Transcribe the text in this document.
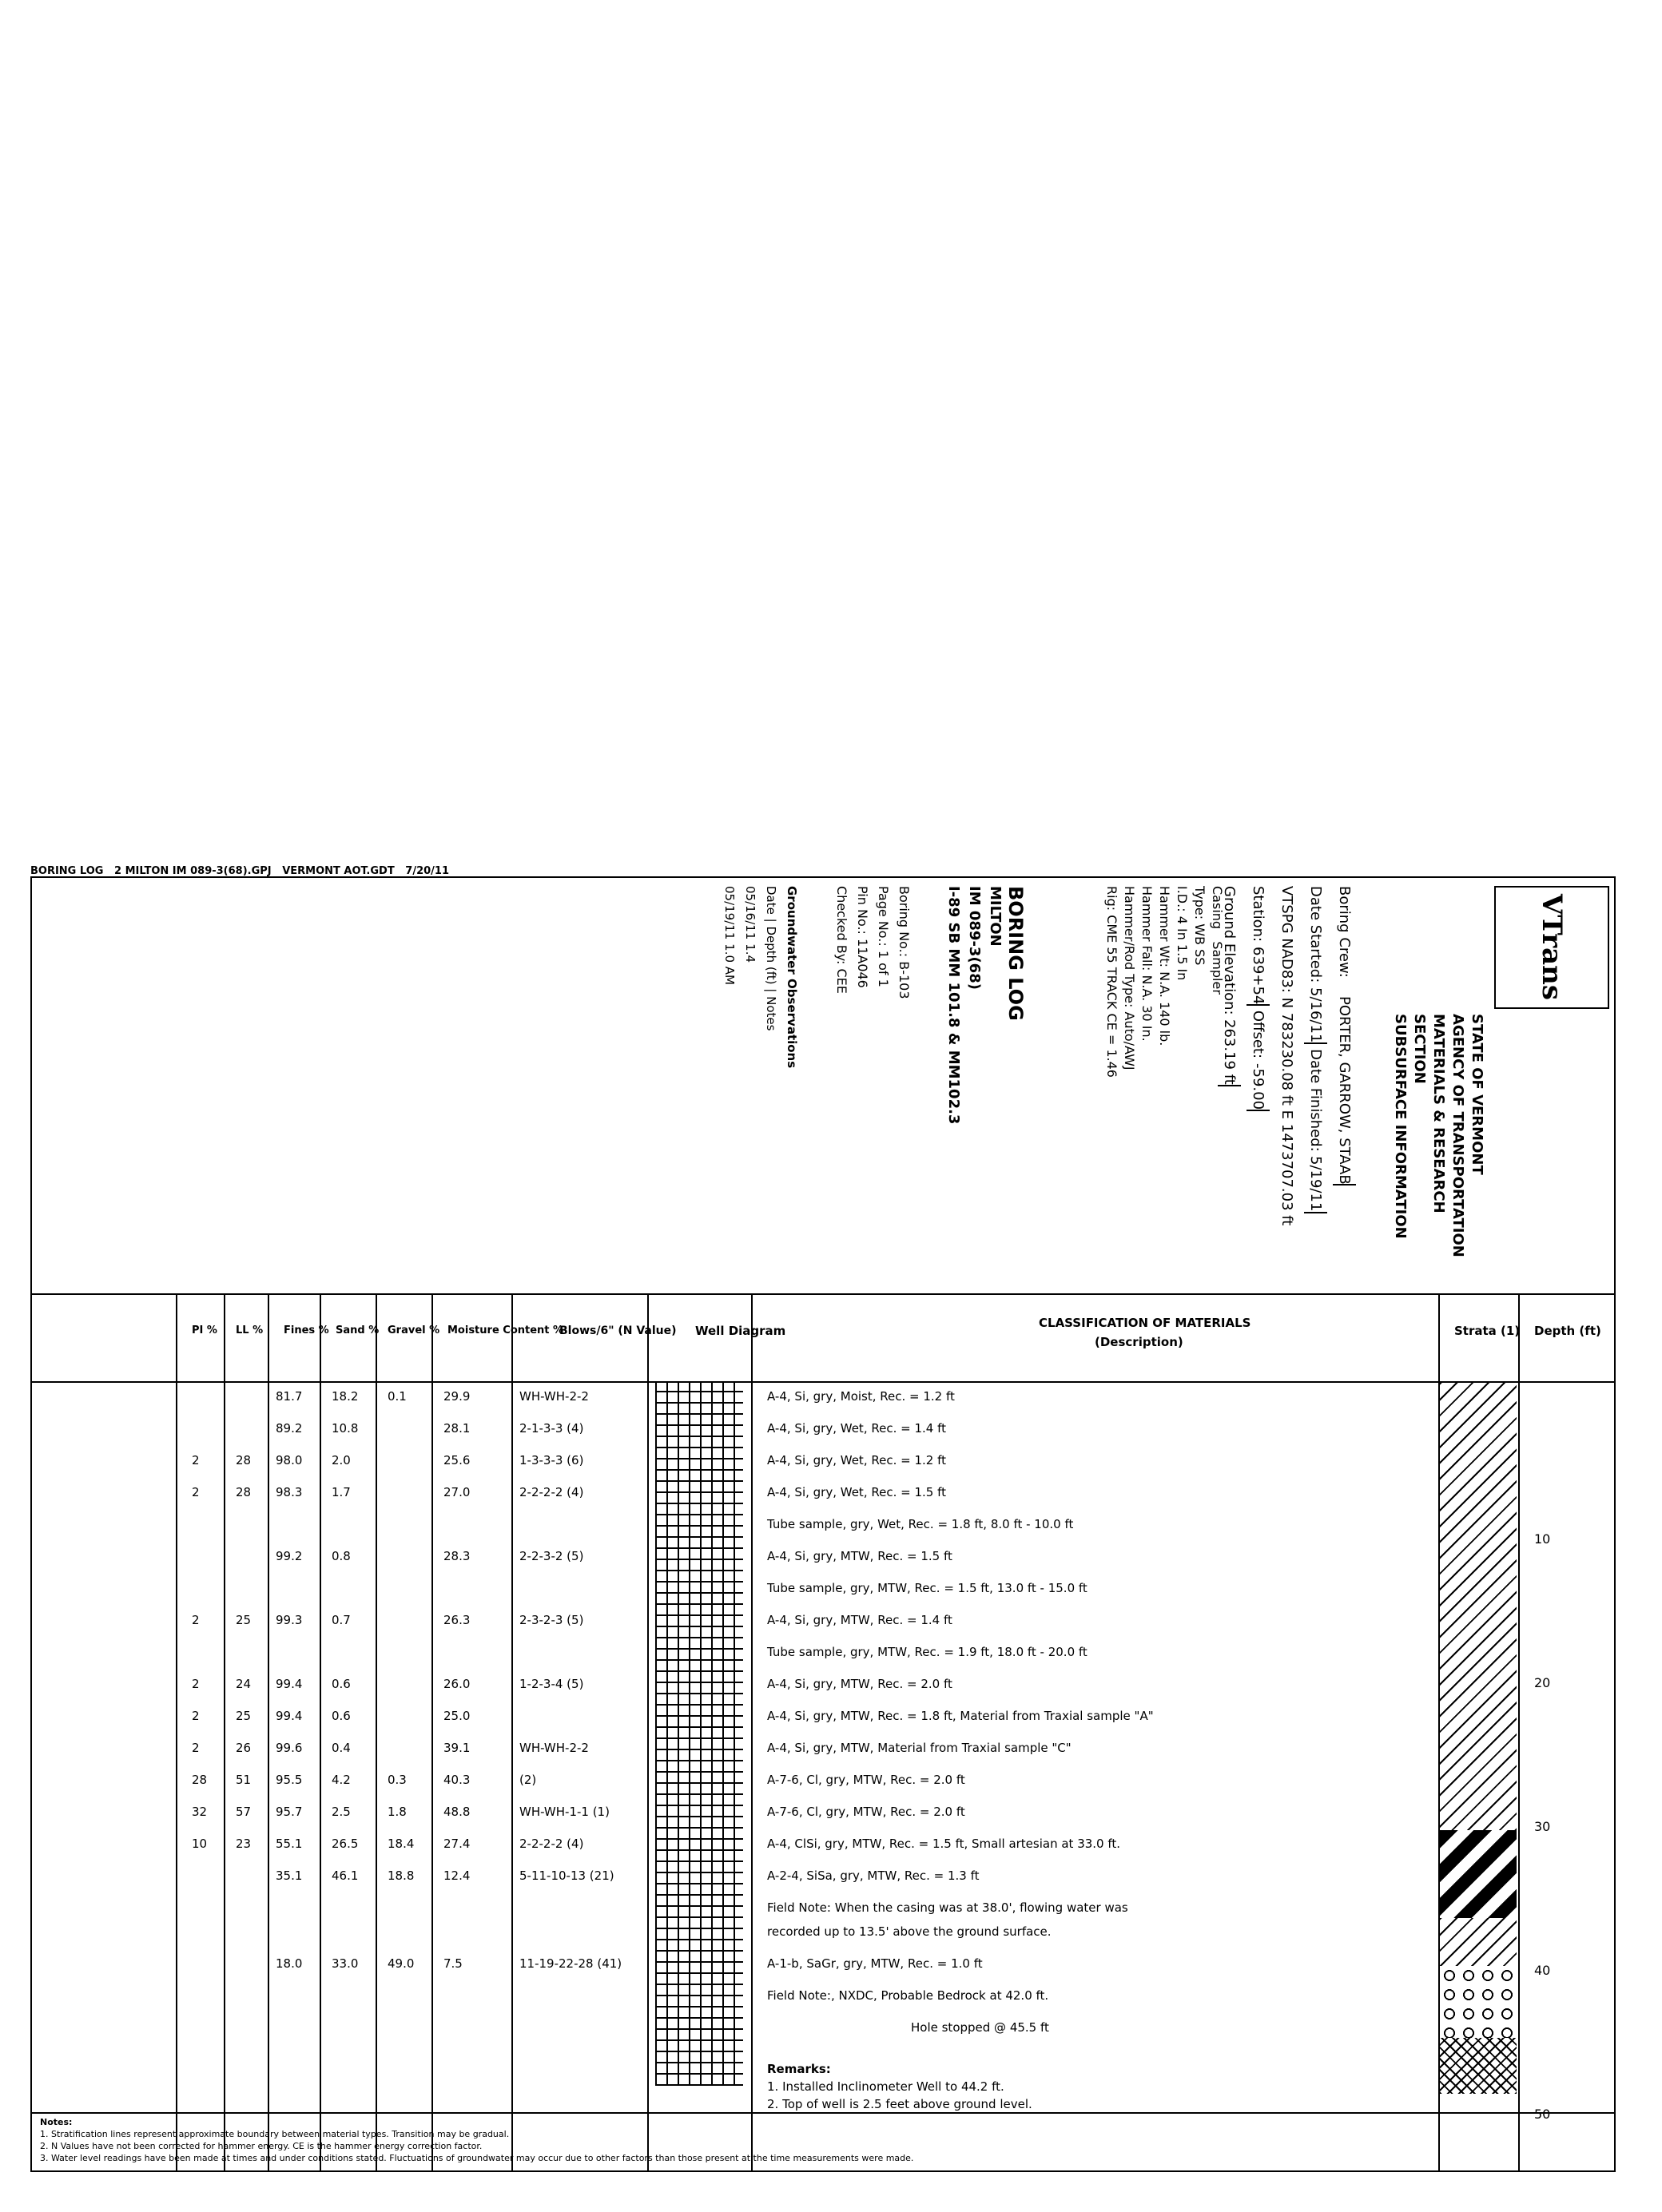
BORING LOG   2 MILTON IM 089-3(68).GPJ   VERMONT AOT.GDT   7/20/11
VTrans
STATE OF VERMONT
AGENCY OF TRANSPORTATION
MATERIALS & RESEARCH SECTION
SUBSURFACE INFORMATION
Boring Crew:    PORTER, GARROW, STAAB
Date Started: 5/16/11 Date Finished: 5/19/11
VTSPG NAD83: N 783230.08 ft E 1473707.03 ft
Station: 639+54 Offset: -59.00
Ground Elevation: 263.19 ft
Casing   Sampler
Type: WB SS
I.D.: 4 In 1.5 In
Hammer Wt: N.A. 140 lb.
Hammer Fall: N.A. 30 In.
Hammer/Rod Type: Auto/AWJ
Rig: CME 55 TRACK CE = 1.46
BORING LOG
MILTON
IM 089-3(68)
I-89 SB MM 101.8 & MM102.3
Boring No.: B-103
Page No.: 1 of 1
Pin No.: 11A046
Checked By: CEE
Groundwater Observations
Date | Depth (ft) | Notes
05/16/11 1.4
05/19/11 1.0 AM
Depth (ft)
Strata (1)
CLASSIFICATION OF MATERIALS
(Description)
Well Diagram
Blows/6" (N Value)
Moisture Content %
Gravel %
Sand %
Fines %
LL %
PI %
10
20
30
40
50
A-4, Si, gry, Moist, Rec. = 1.2 ft
WH-WH-2-2
29.9
0.1
18.2
81.7
A-4, Si, gry, Wet, Rec. = 1.4 ft
2-1-3-3 (4)
28.1
10.8
89.2
A-4, Si, gry, Wet, Rec. = 1.2 ft
1-3-3-3 (6)
25.6
2.0
98.0
28
2
A-4, Si, gry, Wet, Rec. = 1.5 ft
2-2-2-2 (4)
27.0
1.7
98.3
28
2
Tube sample, gry, Wet, Rec. = 1.8 ft, 8.0 ft - 10.0 ft
A-4, Si, gry, MTW, Rec. = 1.5 ft
2-2-3-2 (5)
28.3
0.8
99.2
Tube sample, gry, MTW, Rec. = 1.5 ft, 13.0 ft - 15.0 ft
A-4, Si, gry, MTW, Rec. = 1.4 ft
2-3-2-3 (5)
26.3
0.7
99.3
25
2
Tube sample, gry, MTW, Rec. = 1.9 ft, 18.0 ft - 20.0 ft
A-4, Si, gry, MTW, Rec. = 2.0 ft
1-2-3-4 (5)
26.0
0.6
99.4
24
2
A-4, Si, gry, MTW, Rec. = 1.8 ft, Material from Traxial sample "A"
25.0
0.6
99.4
25
2
A-4, Si, gry, MTW, Material from Traxial sample "C"
WH-WH-2-2
39.1
0.4
99.6
26
2
A-7-6, Cl, gry, MTW, Rec. = 2.0 ft
(2)
40.3
0.3
4.2
95.5
51
28
A-7-6, Cl, gry, MTW, Rec. = 2.0 ft
WH-WH-1-1 (1)
48.8
1.8
2.5
95.7
57
32
A-4, ClSi, gry, MTW, Rec. = 1.5 ft, Small artesian at 33.0 ft.
2-2-2-2 (4)
27.4
18.4
26.5
55.1
23
10
A-2-4, SiSa, gry, MTW, Rec. = 1.3 ft
5-11-10-13 (21)
12.4
18.8
46.1
35.1
Field Note: When the casing was at 38.0', flowing water was
recorded up to 13.5' above the ground surface.
A-1-b, SaGr, gry, MTW, Rec. = 1.0 ft
11-19-22-28 (41)
7.5
49.0
33.0
18.0
Field Note:, NXDC, Probable Bedrock at 42.0 ft.
Hole stopped @ 45.5 ft
Remarks:
1. Installed Inclinometer Well to 44.2 ft.
2. Top of well is 2.5 feet above ground level.
Notes:
1. Stratification lines represent approximate boundary between material types. Transition may be gradual.
2. N Values have not been corrected for hammer energy. CE is the hammer energy correction factor.
3. Water level readings have been made at times and under conditions stated. Fluctuations of groundwater may occur due to other factors than those present at the time measurements were made.
